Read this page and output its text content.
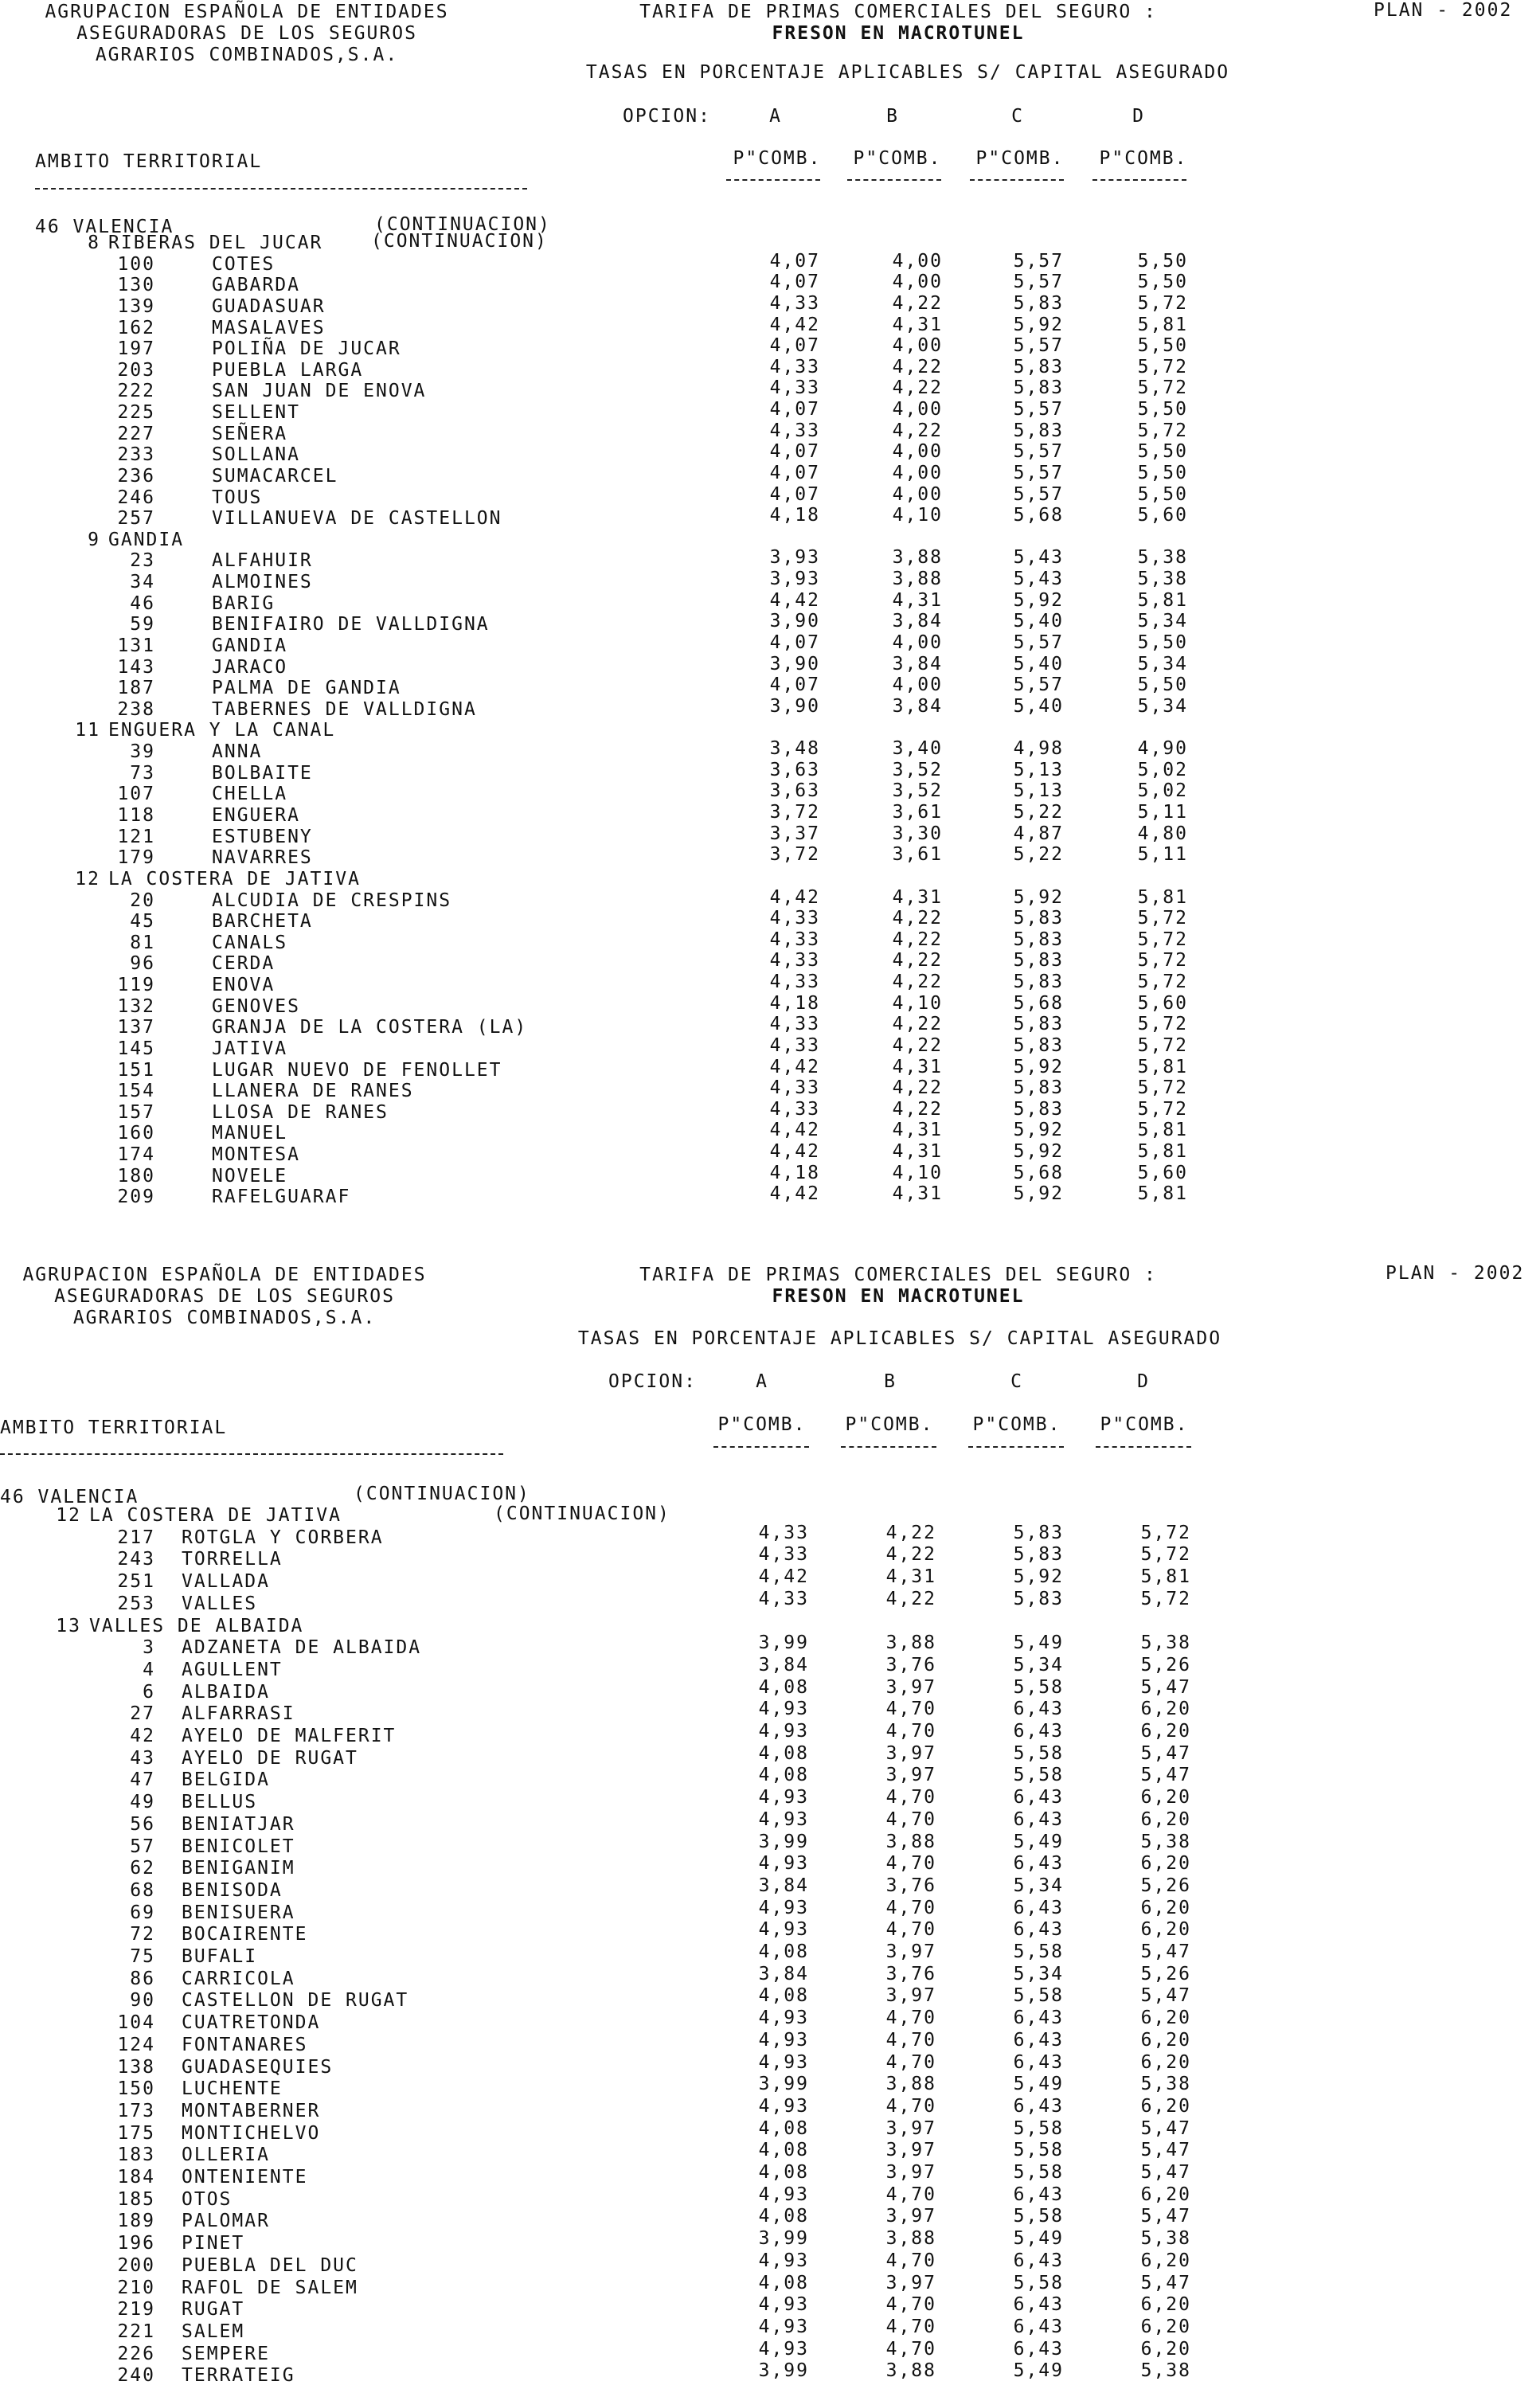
AGRUPACION ESPAÑOLA DE ENTIDADES
ASEGURADORAS DE LOS SEGUROS
AGRARIOS COMBINADOS,S.A.
TARIFA DE PRIMAS COMERCIALES DEL SEGURO :
FRESON EN MACROTUNEL
PLAN - 2002
TASAS EN PORCENTAJE APLICABLES S/ CAPITAL ASEGURADO
OPCION:	A	B	C	D
AMBITO TERRITORIAL	P"COMB. P"COMB. P"COMB. P"COMB.
46 VALENCIA	(CONTINUACION)
8 RIBERAS DEL JUCAR	(CONTINUACION)
100	COTES	4,07	4,00	5,57	5,50
130	GABARDA	4,07	4,00	5,57	5,50
139	GUADASUAR	4,33	4,22	5,83	5,72
162	MASALAVES	4,42	4,31	5,92	5,81
197	POLIÑA DE JUCAR	4,07	4,00	5,57	5,50
203	PUEBLA LARGA	4,33	4,22	5,83	5,72
222	SAN JUAN DE ENOVA	4,33	4,22	5,83	5,72
225	SELLENT	4,07	4,00	5,57	5,50
227	SEÑERA	4,33	4,22	5,83	5,72
233	SOLLANA	4,07	4,00	5,57	5,50
236	SUMACARCEL	4,07	4,00	5,57	5,50
246	TOUS	4,07	4,00	5,57	5,50
257	VILLANUEVA DE CASTELLON	4,18	4,10	5,68	5,60
9 GANDIA
23	ALFAHUIR	3,93	3,88	5,43	5,38
34	ALMOINES	3,93	3,88	5,43	5,38
46	BARIG	4,42	4,31	5,92	5,81
59	BENIFAIRO DE VALLDIGNA	3,90	3,84	5,40	5,34
131	GANDIA	4,07	4,00	5,57	5,50
143	JARACO	3,90	3,84	5,40	5,34
187	PALMA DE GANDIA	4,07	4,00	5,57	5,50
238	TABERNES DE VALLDIGNA	3,90	3,84	5,40	5,34
11 ENGUERA Y LA CANAL
39	ANNA	3,48	3,40	4,98	4,90
73	BOLBAITE	3,63	3,52	5,13	5,02
107	CHELLA	3,63	3,52	5,13	5,02
118	ENGUERA	3,72	3,61	5,22	5,11
121	ESTUBENY	3,37	3,30	4,87	4,80
179	NAVARRES	3,72	3,61	5,22	5,11
12 LA COSTERA DE JATIVA
20	ALCUDIA DE CRESPINS	4,42	4,31	5,92	5,81
45	BARCHETA	4,33	4,22	5,83	5,72
81	CANALS	4,33	4,22	5,83	5,72
96	CERDA	4,33	4,22	5,83	5,72
119	ENOVA	4,33	4,22	5,83	5,72
132	GENOVES	4,18	4,10	5,68	5,60
137	GRANJA DE LA COSTERA (LA)	4,33	4,22	5,83	5,72
145	JATIVA	4,33	4,22	5,83	5,72
151	LUGAR NUEVO DE FENOLLET	4,42	4,31	5,92	5,81
154	LLANERA DE RANES	4,33	4,22	5,83	5,72
157	LLOSA DE RANES	4,33	4,22	5,83	5,72
160	MANUEL	4,42	4,31	5,92	5,81
174	MONTESA	4,42	4,31	5,92	5,81
180	NOVELE	4,18	4,10	5,68	5,60
209	RAFELGUARAF	4,42	4,31	5,92	5,81
AGRUPACION ESPAÑOLA DE ENTIDADES
ASEGURADORAS DE LOS SEGUROS
AGRARIOS COMBINADOS,S.A.
TARIFA DE PRIMAS COMERCIALES DEL SEGURO :
FRESON EN MACROTUNEL
PLAN - 2002
TASAS EN PORCENTAJE APLICABLES S/ CAPITAL ASEGURADO
OPCION:	A	B	C	D
AMBITO TERRITORIAL	P"COMB. P"COMB. P"COMB. P"COMB.
46 VALENCIA	(CONTINUACION)
12 LA COSTERA DE JATIVA	(CONTINUACION)
217 ROTGLA Y CORBERA	4,33	4,22	5,83	5,72
243 TORRELLA	4,33	4,22	5,83	5,72
251 VALLADA	4,42	4,31	5,92	5,81
253 VALLES	4,33	4,22	5,83	5,72
13 VALLES DE ALBAIDA
3 ADZANETA DE ALBAIDA	3,99	3,88	5,49	5,38
4 AGULLENT	3,84	3,76	5,34	5,26
6 ALBAIDA	4,08	3,97	5,58	5,47
27 ALFARRASI	4,93	4,70	6,43	6,20
42 AYELO DE MALFERIT	4,93	4,70	6,43	6,20
43 AYELO DE RUGAT	4,08	3,97	5,58	5,47
47 BELGIDA	4,08	3,97	5,58	5,47
49 BELLUS	4,93	4,70	6,43	6,20
56 BENIATJAR	4,93	4,70	6,43	6,20
57 BENICOLET	3,99	3,88	5,49	5,38
62 BENIGANIM	4,93	4,70	6,43	6,20
68 BENISODA	3,84	3,76	5,34	5,26
69 BENISUERA	4,93	4,70	6,43	6,20
72 BOCAIRENTE	4,93	4,70	6,43	6,20
75 BUFALI	4,08	3,97	5,58	5,47
86 CARRICOLA	3,84	3,76	5,34	5,26
90 CASTELLON DE RUGAT	4,08	3,97	5,58	5,47
104 CUATRETONDA	4,93	4,70	6,43	6,20
124 FONTANARES	4,93	4,70	6,43	6,20
138 GUADASEQUIES	4,93	4,70	6,43	6,20
150 LUCHENTE	3,99	3,88	5,49	5,38
173 MONTABERNER	4,93	4,70	6,43	6,20
175 MONTICHELVO	4,08	3,97	5,58	5,47
183 OLLERIA	4,08	3,97	5,58	5,47
184 ONTENIENTE	4,08	3,97	5,58	5,47
185 OTOS	4,93	4,70	6,43	6,20
189 PALOMAR	4,08	3,97	5,58	5,47
196 PINET	3,99	3,88	5,49	5,38
200 PUEBLA DEL DUC	4,93	4,70	6,43	6,20
210 RAFOL DE SALEM	4,08	3,97	5,58	5,47
219 RUGAT	4,93	4,70	6,43	6,20
221 SALEM	4,93	4,70	6,43	6,20
226 SEMPERE	4,93	4,70	6,43	6,20
240 TERRATEIG	3,99	3,88	5,49	5,38
